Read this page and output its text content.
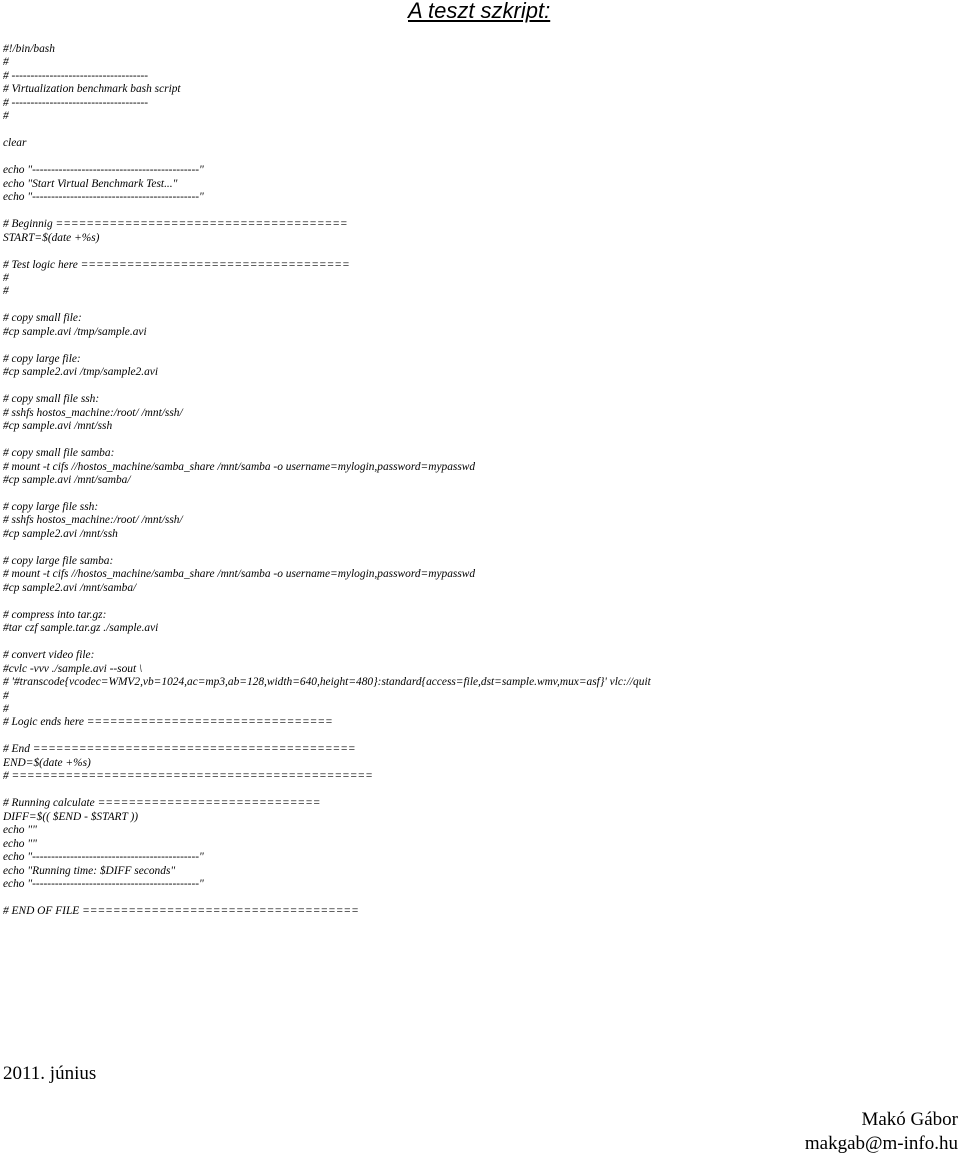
A teszt szkript:
#!/bin/bash
#
# ------------------------------------
# Virtualization benchmark bash script
# ------------------------------------
#
clear
echo "--------------------------------------------"
echo "Start Virtual Benchmark Test..."
echo "--------------------------------------------"
# Beginnig ======================================
START=$(date +%s)
# Test logic here ===================================
#
#
# copy small file:
#cp sample.avi /tmp/sample.avi
# copy large file:
#cp sample2.avi /tmp/sample2.avi
# copy small file ssh:
# sshfs hostos_machine:/root/ /mnt/ssh/
#cp sample.avi /mnt/ssh
# copy small file samba:
# mount -t cifs //hostos_machine/samba_share /mnt/samba -o username=mylogin,password=mypasswd
#cp sample.avi /mnt/samba/
# copy large file ssh:
# sshfs hostos_machine:/root/ /mnt/ssh/
#cp sample2.avi /mnt/ssh
# copy large file samba:
# mount -t cifs //hostos_machine/samba_share /mnt/samba -o username=mylogin,password=mypasswd
#cp sample2.avi /mnt/samba/
# compress into tar.gz:
#tar czf sample.tar.gz ./sample.avi
# convert video file:
#cvlc -vvv ./sample.avi --sout \
# '#transcode{vcodec=WMV2,vb=1024,ac=mp3,ab=128,width=640,height=480}:standard{access=file,dst=sample.wmv,mux=asf}' vlc://quit
#
#
# Logic ends here ================================
# End ==========================================
END=$(date +%s)
# ===============================================
# Running calculate =============================
DIFF=$(( $END - $START ))
echo ""
echo ""
echo "--------------------------------------------"
echo "Running time: $DIFF seconds"
echo "--------------------------------------------"
# END OF FILE ====================================
2011. június
Makó Gábor
makgab@m-info.hu
